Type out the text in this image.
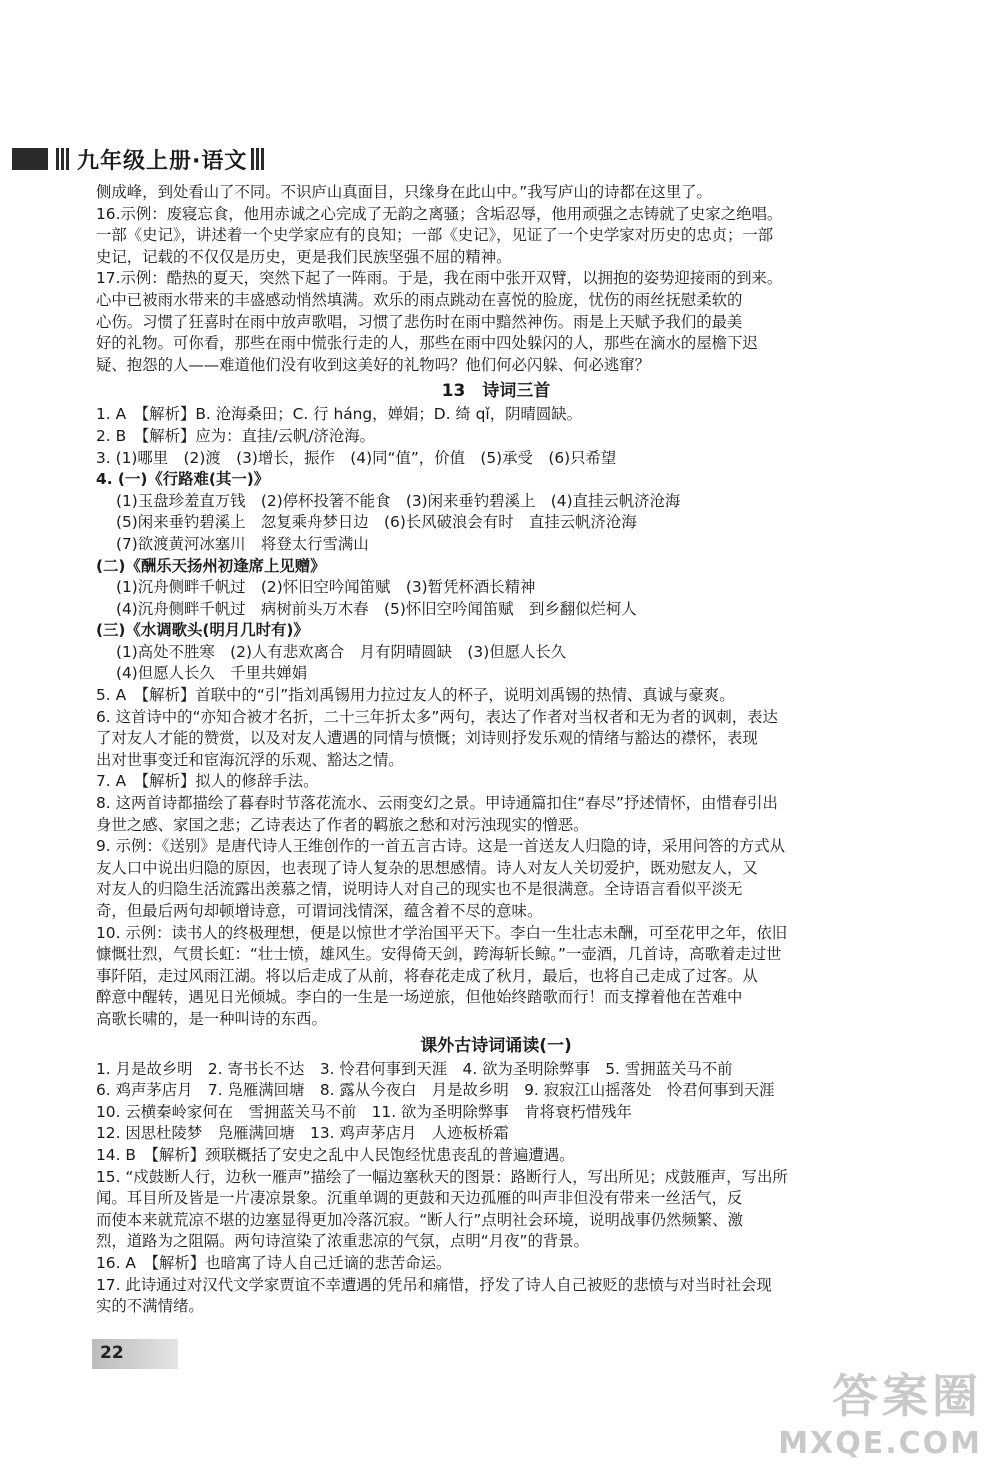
九年级上册·语文
侧成峰，到处看山了不同。不识庐山真面目，只缘身在此山中。”我写庐山的诗都在这里了。
16.示例：废寝忘食，他用赤诚之心完成了无韵之离骚；含垢忍辱，他用顽强之志铸就了史家之绝唱。
一部《史记》，讲述着一个史学家应有的良知；一部《史记》，见证了一个史学家对历史的忠贞；一部
史记，记载的不仅仅是历史，更是我们民族坚强不屈的精神。
17.示例：酷热的夏天，突然下起了一阵雨。于是，我在雨中张开双臂，以拥抱的姿势迎接雨的到来。
心中已被雨水带来的丰盛感动悄然填满。欢乐的雨点跳动在喜悦的脸庞，忧伤的雨丝抚慰柔软的
心伤。习惯了狂喜时在雨中放声歌唱，习惯了悲伤时在雨中黯然神伤。雨是上天赋予我们的最美
好的礼物。可你看，那些在雨中慌张行走的人，那些在雨中四处躲闪的人，那些在滴水的屋檐下迟
疑、抱怨的人——难道他们没有收到这美好的礼物吗？他们何必闪躲、何必逃窜？
13　诗词三首
1. A　【解析】B. 沧海桑田；C. 行 háng，婵娟；D. 绮 qǐ，阴晴圆缺。
2. B　【解析】应为：直挂/云帆/济沧海。
3. (1)哪里　(2)渡　(3)增长，振作　(4)同“值”，价值　(5)承受　(6)只希望
4. (一)《行路难(其一)》
(1)玉盘珍羞直万钱　(2)停杯投箸不能食　(3)闲来垂钓碧溪上　(4)直挂云帆济沧海
(5)闲来垂钓碧溪上　忽复乘舟梦日边　(6)长风破浪会有时　直挂云帆济沧海
(7)欲渡黄河冰塞川　将登太行雪满山
(二)《酬乐天扬州初逢席上见赠》
(1)沉舟侧畔千帆过　(2)怀旧空吟闻笛赋　(3)暂凭杯酒长精神
(4)沉舟侧畔千帆过　病树前头万木春　(5)怀旧空吟闻笛赋　到乡翻似烂柯人
(三)《水调歌头(明月几时有)》
(1)高处不胜寒　(2)人有悲欢离合　月有阴晴圆缺　(3)但愿人长久
(4)但愿人长久　千里共婵娟
5. A　【解析】首联中的“引”指刘禹锡用力拉过友人的杯子，说明刘禹锡的热情、真诚与豪爽。
6. 这首诗中的“亦知合被才名折，二十三年折太多”两句，表达了作者对当权者和无为者的讽刺，表达
了对友人才能的赞赏，以及对友人遭遇的同情与愤慨；刘诗则抒发乐观的情绪与豁达的襟怀，表现
出对世事变迁和宦海沉浮的乐观、豁达之情。
7. A　【解析】拟人的修辞手法。
8. 这两首诗都描绘了暮春时节落花流水、云雨变幻之景。甲诗通篇扣住“春尽”抒述情怀，由惜春引出
身世之感、家国之悲；乙诗表达了作者的羁旅之愁和对污浊现实的憎恶。
9. 示例：《送别》是唐代诗人王维创作的一首五言古诗。这是一首送友人归隐的诗，采用问答的方式从
友人口中说出归隐的原因，也表现了诗人复杂的思想感情。诗人对友人关切爱护，既劝慰友人，又
对友人的归隐生活流露出羡慕之情，说明诗人对自己的现实也不是很满意。全诗语言看似平淡无
奇，但最后两句却顿增诗意，可谓词浅情深，蕴含着不尽的意味。
10. 示例：读书人的终极理想，便是以惊世才学治国平天下。李白一生壮志未酬，可至花甲之年，依旧
慷慨壮烈，气贯长虹：“壮士愤，雄风生。安得倚天剑，跨海斩长鲸。”一壶酒，几首诗，高歌着走过世
事阡陌，走过风雨江湖。将以后走成了从前，将春花走成了秋月，最后，也将自己走成了过客。从
醉意中醒转，遇见日光倾城。李白的一生是一场逆旅，但他始终踏歌而行！而支撑着他在苦难中
高歌长啸的，是一种叫诗的东西。
课外古诗词诵读(一)
1. 月是故乡明　2. 寄书长不达　3. 怜君何事到天涯　4. 欲为圣明除弊事　5. 雪拥蓝关马不前
6. 鸡声茅店月　7. 凫雁满回塘　8. 露从今夜白　月是故乡明　9. 寂寂江山摇落处　怜君何事到天涯
10. 云横秦岭家何在　雪拥蓝关马不前　11. 欲为圣明除弊事　肯将衰朽惜残年
12. 因思杜陵梦　凫雁满回塘　13. 鸡声茅店月　人迹板桥霜
14. B　【解析】颈联概括了安史之乱中人民饱经忧患丧乱的普遍遭遇。
15. “戍鼓断人行，边秋一雁声”描绘了一幅边塞秋天的图景：路断行人，写出所见；戍鼓雁声，写出所
闻。耳目所及皆是一片凄凉景象。沉重单调的更鼓和天边孤雁的叫声非但没有带来一丝活气，反
而使本来就荒凉不堪的边塞显得更加冷落沉寂。“断人行”点明社会环境，说明战事仍然频繁、激
烈，道路为之阻隔。两句诗渲染了浓重悲凉的气氛，点明“月夜”的背景。
16. A　【解析】也暗寓了诗人自己迁谪的悲苦命运。
17. 此诗通过对汉代文学家贾谊不幸遭遇的凭吊和痛惜，抒发了诗人自己被贬的悲愤与对当时社会现
实的不满情绪。
22
答案圈
MXQE.COM
